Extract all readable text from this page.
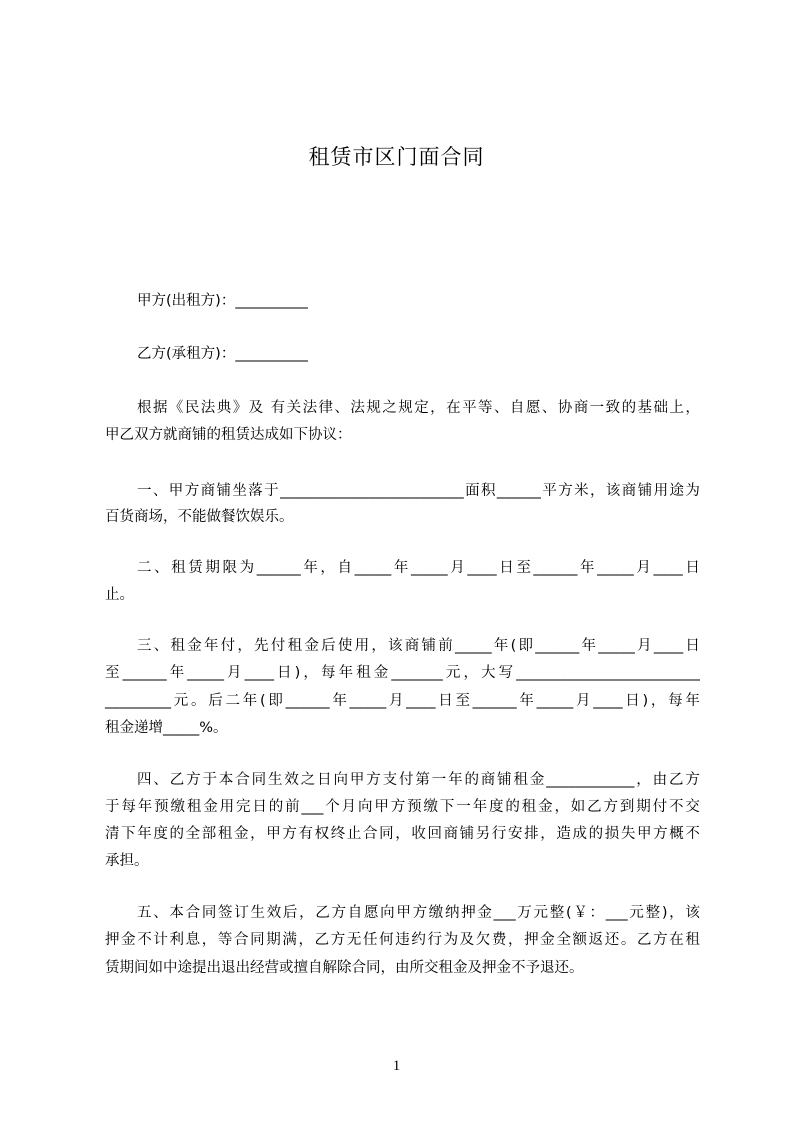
租赁市区门面合同
甲方(出租方)：__________
乙方(承租方)：__________
根据《民法典》及 有关法律、法规之规定，在平等、自愿、协商一致的基础上，
甲乙双方就商铺的租赁达成如下协议：
一、甲方商铺坐落于_________________________面积______平方米，该商铺用途为
百货商场，不能做餐饮娱乐。
二、租赁期限为______年，自_____年_____月____日至______年_____月____日
止。
三、租金年付，先付租金后使用，该商铺前_____年(即______年_____月____日
至______年_____月____日)，每年租金_______元，大写_________________________
_________元。后二年(即______年_____月____日至______年_____月____日)，每年
租金递增_____%。
四、乙方于本合同生效之日向甲方支付第一年的商铺租金____________，由乙方
于每年预缴租金用完日的前___个月向甲方预缴下一年度的租金，如乙方到期付不交
清下年度的全部租金，甲方有权终止合同，收回商铺另行安排，造成的损失甲方概不
承担。
五、本合同签订生效后，乙方自愿向甲方缴纳押金___万元整(￥：___元整)，该
押金不计利息，等合同期满，乙方无任何违约行为及欠费，押金全额返还。乙方在租
赁期间如中途提出退出经营或擅自解除合同，由所交租金及押金不予退还。
1
